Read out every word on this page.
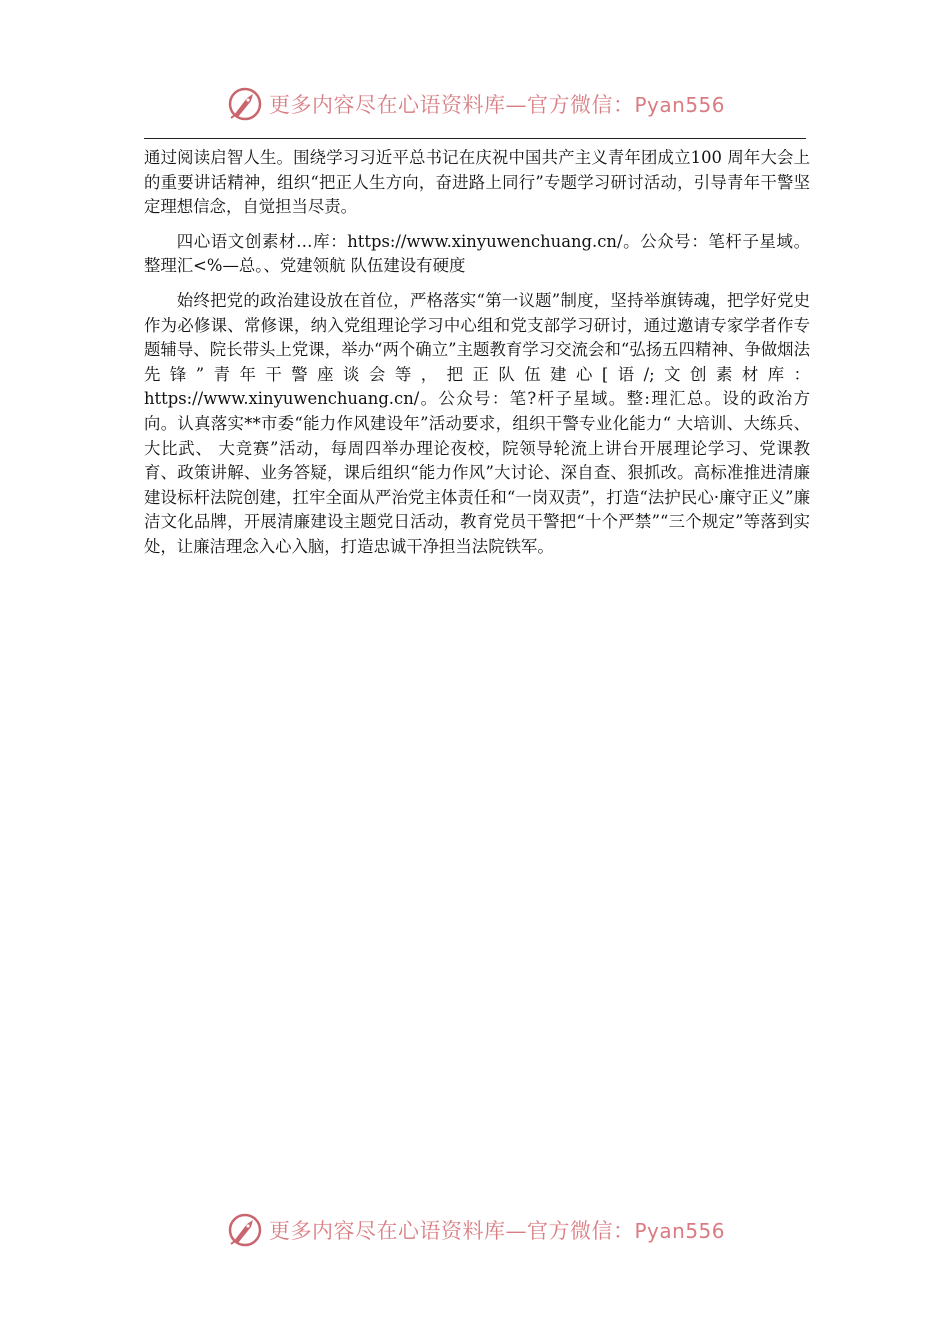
更多内容尽在心语资料库—官方微信：Pyan556

通过阅读启智人生。围绕学习习近平总书记在庆祝中国共产主义青年团成立100 周年大会上的重要讲话精神，组织“把正人生方向，奋进路上同行”专题学习研讨活动，引导青年干警坚定理想信念，自觉担当尽责。

四心语文创素材…库：https://www.xinyuwenchuang.cn/。公众号：笔杆子星域。整理汇<%—总。、党建领航 队伍建设有硬度

始终把党的政治建设放在首位，严格落实“第一议题”制度，坚持举旗铸魂，把学好党史作为必修课、常修课，纳入党组理论学习中心组和党支部学习研讨，通过邀请专家学者作专题辅导、院长带头上党课，举办“两个确立”主题教育学习交流会和“弘扬五四精神、争做烟法先锋”青年干警座谈会等，把正队伍建心[语/;文创素材库：https://www.xinyuwenchuang.cn/。公众号：笔?杆子星域。整:理汇总。设的政治方向。认真落实**市委“能力作风建设年”活动要求，组织干警专业化能力“ 大培训、大练兵、大比武、 大竞赛”活动，每周四举办理论夜校，院领导轮流上讲台开展理论学习、党课教育、政策讲解、业务答疑，课后组织“能力作风”大讨论、深自查、狠抓改。高标准推进清廉建设标杆法院创建，扛牢全面从严治党主体责任和“一岗双责”，打造“法护民心·廉守正义”廉洁文化品牌，开展清廉建设主题党日活动，教育党员干警把“十个严禁”“三个规定”等落到实处，让廉洁理念入心入脑，打造忠诚干净担当法院铁军。

更多内容尽在心语资料库—官方微信：Pyan556
